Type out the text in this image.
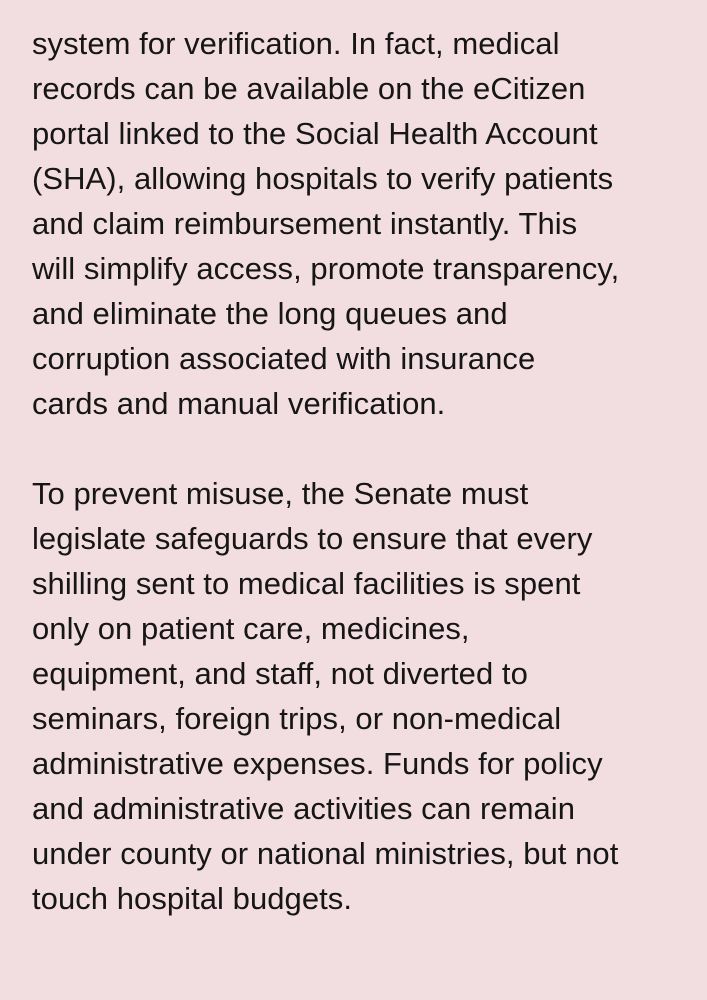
system for verification. In fact, medical
records can be available on the eCitizen
portal linked to the Social Health Account
(SHA), allowing hospitals to verify patients
and claim reimbursement instantly. This
will simplify access, promote transparency,
and eliminate the long queues and
corruption associated with insurance
cards and manual verification.
To prevent misuse, the Senate must
legislate safeguards to ensure that every
shilling sent to medical facilities is spent
only on patient care, medicines,
equipment, and staff, not diverted to
seminars, foreign trips, or non-medical
administrative expenses. Funds for policy
and administrative activities can remain
under county or national ministries, but not
touch hospital budgets.
